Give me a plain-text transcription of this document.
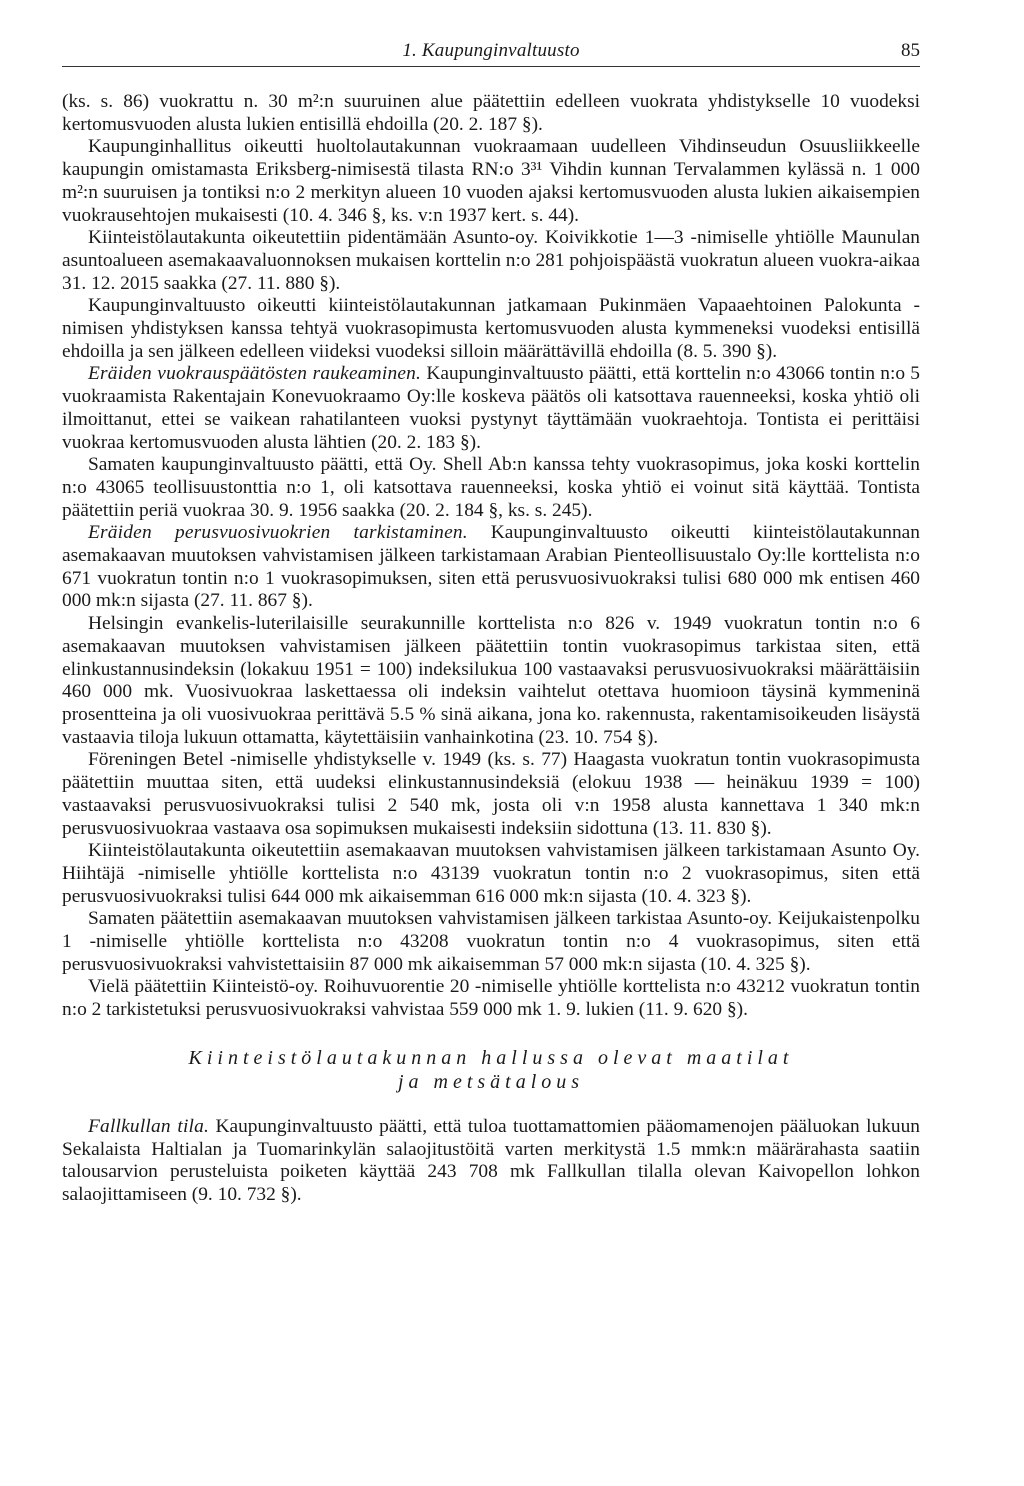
1. Kaupunginvaltuusto	85

(ks. s. 86) vuokrattu n. 30 m²:n suuruinen alue päätettiin edelleen vuokrata yhdistykselle 10 vuodeksi kertomusvuoden alusta lukien entisillä ehdoilla (20. 2. 187 §).

Kaupunginhallitus oikeutti huoltolautakunnan vuokraamaan uudelleen Vihdinseudun Osuusliikkeelle kaupungin omistamasta Eriksberg-nimisestä tilasta RN:o 3³¹ Vihdin kunnan Tervalammen kylässä n. 1 000 m²:n suuruisen ja tontiksi n:o 2 merkityn alueen 10 vuoden ajaksi kertomusvuoden alusta lukien aikaisempien vuokrausehtojen mukaisesti (10. 4. 346 §, ks. v:n 1937 kert. s. 44).

Kiinteistölautakunta oikeutettiin pidentämään Asunto-oy. Koivikkotie 1—3 -nimiselle yhtiölle Maunulan asuntoalueen asemakaavaluonnoksen mukaisen korttelin n:o 281 pohjoispäästä vuokratun alueen vuokra-aikaa 31. 12. 2015 saakka (27. 11. 880 §).

Kaupunginvaltuusto oikeutti kiinteistölautakunnan jatkamaan Pukinmäen Vapaaehtoinen Palokunta -nimisen yhdistyksen kanssa tehtyä vuokrasopimusta kertomusvuoden alusta kymmeneksi vuodeksi entisillä ehdoilla ja sen jälkeen edelleen viideksi vuodeksi silloin määrättävillä ehdoilla (8. 5. 390 §).

Eräiden vuokrauspäätösten raukeaminen. Kaupunginvaltuusto päätti, että korttelin n:o 43066 tontin n:o 5 vuokraamista Rakentajain Konevuokraamo Oy:lle koskeva päätös oli katsottava rauenneeksi, koska yhtiö oli ilmoittanut, ettei se vaikean rahatilanteen vuoksi pystynyt täyttämään vuokraehtoja. Tontista ei perittäisi vuokraa kertomusvuoden alusta lähtien (20. 2. 183 §).

Samaten kaupunginvaltuusto päätti, että Oy. Shell Ab:n kanssa tehty vuokrasopimus, joka koski korttelin n:o 43065 teollisuustonttia n:o 1, oli katsottava rauenneeksi, koska yhtiö ei voinut sitä käyttää. Tontista päätettiin periä vuokraa 30. 9. 1956 saakka (20. 2. 184 §, ks. s. 245).

Eräiden perusvuosivuokrien tarkistaminen. Kaupunginvaltuusto oikeutti kiinteistölautakunnan asemakaavan muutoksen vahvistamisen jälkeen tarkistamaan Arabian Pienteollisuustalo Oy:lle korttelista n:o 671 vuokratun tontin n:o 1 vuokrasopimuksen, siten että perusvuosivuokraksi tulisi 680 000 mk entisen 460 000 mk:n sijasta (27. 11. 867 §).

Helsingin evankelis-luterilaisille seurakunnille korttelista n:o 826 v. 1949 vuokratun tontin n:o 6 asemakaavan muutoksen vahvistamisen jälkeen päätettiin tontin vuokrasopimus tarkistaa siten, että elinkustannusindeksin (lokakuu 1951 = 100) indeksilukua 100 vastaavaksi perusvuosivuokraksi määrättäisiin 460 000 mk. Vuosivuokraa laskettaessa oli indeksin vaihtelut otettava huomioon täysinä kymmeninä prosentteina ja oli vuosivuokraa perittävä 5.5 % sinä aikana, jona ko. rakennusta, rakentamisoikeuden lisäystä vastaavia tiloja lukuun ottamatta, käytettäisiin vanhainkotina (23. 10. 754 §).

Föreningen Betel -nimiselle yhdistykselle v. 1949 (ks. s. 77) Haagasta vuokratun tontin vuokrasopimusta päätettiin muuttaa siten, että uudeksi elinkustannusindeksiä (elokuu 1938 — heinäkuu 1939 = 100) vastaavaksi perusvuosivuokraksi tulisi 2 540 mk, josta oli v:n 1958 alusta kannettava 1 340 mk:n perusvuosivuokraa vastaava osa sopimuksen mukaisesti indeksiin sidottuna (13. 11. 830 §).

Kiinteistölautakunta oikeutettiin asemakaavan muutoksen vahvistamisen jälkeen tarkistamaan Asunto Oy. Hiihtäjä -nimiselle yhtiölle korttelista n:o 43139 vuokratun tontin n:o 2 vuokrasopimus, siten että perusvuosivuokraksi tulisi 644 000 mk aikaisemman 616 000 mk:n sijasta (10. 4. 323 §).

Samaten päätettiin asemakaavan muutoksen vahvistamisen jälkeen tarkistaa Asunto-oy. Keijukaistenpolku 1 -nimiselle yhtiölle korttelista n:o 43208 vuokratun tontin n:o 4 vuokrasopimus, siten että perusvuosivuokraksi vahvistettaisiin 87 000 mk aikaisemman 57 000 mk:n sijasta (10. 4. 325 §).

Vielä päätettiin Kiinteistö-oy. Roihuvuorentie 20 -nimiselle yhtiölle korttelista n:o 43212 vuokratun tontin n:o 2 tarkistetuksi perusvuosivuokraksi vahvistaa 559 000 mk 1. 9. lukien (11. 9. 620 §).

Kiinteistölautakunnan hallussa olevat maatilat
ja metsätalous

Fallkullan tila. Kaupunginvaltuusto päätti, että tuloa tuottamattomien pääomamenojen pääluokan lukuun Sekalaista Haltialan ja Tuomarinkylän salaojitustöitä varten merkitystä 1.5 mmk:n määrärahasta saatiin talousarvion perusteluista poiketen käyttää 243 708 mk Fallkullan tilalla olevan Kaivopellon lohkon salaojittamiseen (9. 10. 732 §).
